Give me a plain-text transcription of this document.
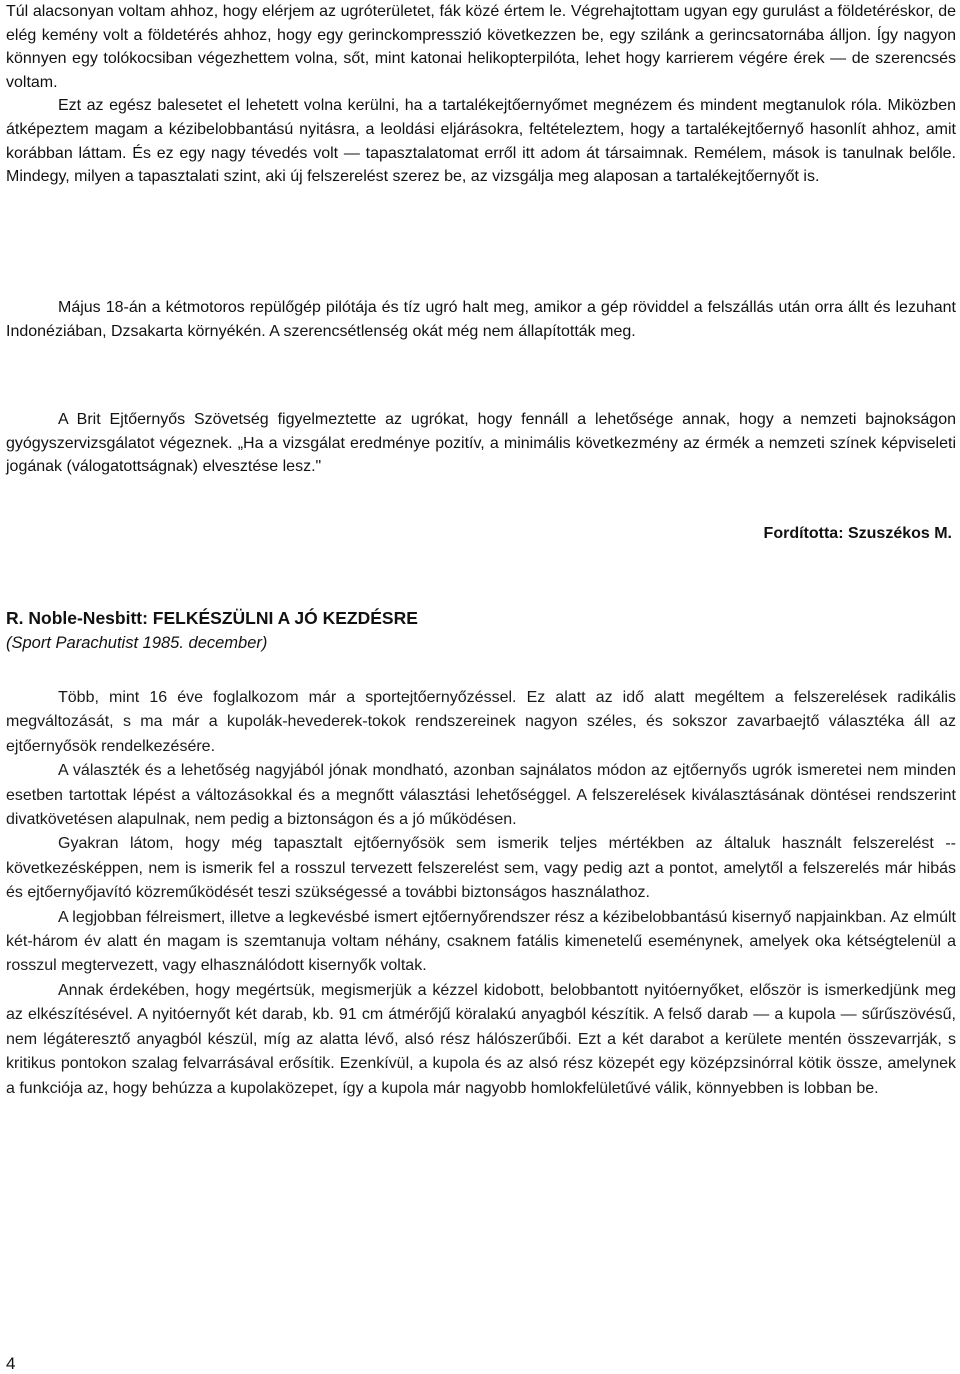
Túl alacsonyan voltam ahhoz, hogy elérjem az ugróterületet, fák közé értem le. Végrehajtottam ugyan egy gurulást a földetéréskor, de elég kemény volt a földetérés ahhoz, hogy egy gerinckompresszió következzen be, egy szilánk a gerincsatornába álljon. Így nagyon könnyen egy tolókocsiban végezhettem volna, sőt, mint katonai helikopterpilóta, lehet hogy karrierem végére érek — de szerencsés voltam.

Ezt az egész balesetet el lehetett volna kerülni, ha a tartalékejtőernyőmet megnézem és mindent megtanulok róla. Miközben átképeztem magam a kézibelobbantású nyitásra, a leoldási eljárásokra, feltételeztem, hogy a tartalékejtőernyő hasonlít ahhoz, amit korábban láttam. És ez egy nagy tévedés volt — tapasztalatomat erről itt adom át társaimnak. Remélem, mások is tanulnak belőle. Mindegy, milyen a tapasztalati szint, aki új felszerelést szerez be, az vizsgálja meg alaposan a tartalékejtőernyőt is.

Május 18-án a kétmotoros repülőgép pilótája és tíz ugró halt meg, amikor a gép röviddel a felszállás után orra állt és lezuhant Indonéziában, Dzsakarta környékén. A szerencsétlenség okát még nem állapították meg.

A Brit Ejtőernyős Szövetség figyelmeztette az ugrókat, hogy fennáll a lehetősége annak, hogy a nemzeti bajnokságon gyógyszervizsgálatot végeznek. „Ha a vizsgálat eredménye pozitív, a minimális következmény az érmék a nemzeti színek képviseleti jogának (válogatottságnak) elvesztése lesz."

Fordította: Szuszékos M.

R. Noble-Nesbitt: FELKÉSZÜLNI A JÓ KEZDÉSRE

(Sport Parachutist 1985. december)

Több, mint 16 éve foglalkozom már a sportejtőernyőzéssel. Ez alatt az idő alatt megéltem a felszerelések radikális megváltozását, s ma már a kupolák-hevederek-tokok rendszereinek nagyon széles, és sokszor zavarbaejtő választéka áll az ejtőernyősök rendelkezésére.

A választék és a lehetőség nagyjából jónak mondható, azonban sajnálatos módon az ejtőernyős ugrók ismeretei nem minden esetben tartottak lépést a változásokkal és a megnőtt választási lehetőséggel. A felszerelések kiválasztásának döntései rendszerint divatkövetésen alapulnak, nem pedig a biztonságon és a jó működésen.

Gyakran látom, hogy még tapasztalt ejtőernyősök sem ismerik teljes mértékben az általuk használt felszerelést -- következésképpen, nem is ismerik fel a rosszul tervezett felszerelést sem, vagy pedig azt a pontot, amelytől a felszerelés már hibás és ejtőernyőjavító közreműködését teszi szükségessé a további biztonságos használathoz.

A legjobban félreismert, illetve a legkevésbé ismert ejtőernyőrendszer rész a kézibelobbantású kisernyő napjainkban. Az elmúlt két-három év alatt én magam is szemtanuja voltam néhány, csaknem fatális kimenetelű eseménynek, amelyek oka kétségtelenül a rosszul megtervezett, vagy elhasználódott kisernyők voltak.

Annak érdekében, hogy megértsük, megismerjük a kézzel kidobott, belobbantott nyitóernyőket, először is ismerkedjünk meg az elkészítésével. A nyitóernyőt két darab, kb. 91 cm átmérőjű köralakú anyagból készítik. A felső darab — a kupola — sűrűszövésű, nem légáteresztő anyagból készül, míg az alatta lévő, alsó rész hálószerűbői. Ezt a két darabot a kerülete mentén összevarrják, s kritikus pontokon szalag felvarrásával erősítik. Ezenkívül, a kupola és az alsó rész közepét egy középzsinórral kötik össze, amelynek a funkciója az, hogy behúzza a kupolaközepet, így a kupola már nagyobb homlokfelületűvé válik, könnyebben is lobban be.

4
